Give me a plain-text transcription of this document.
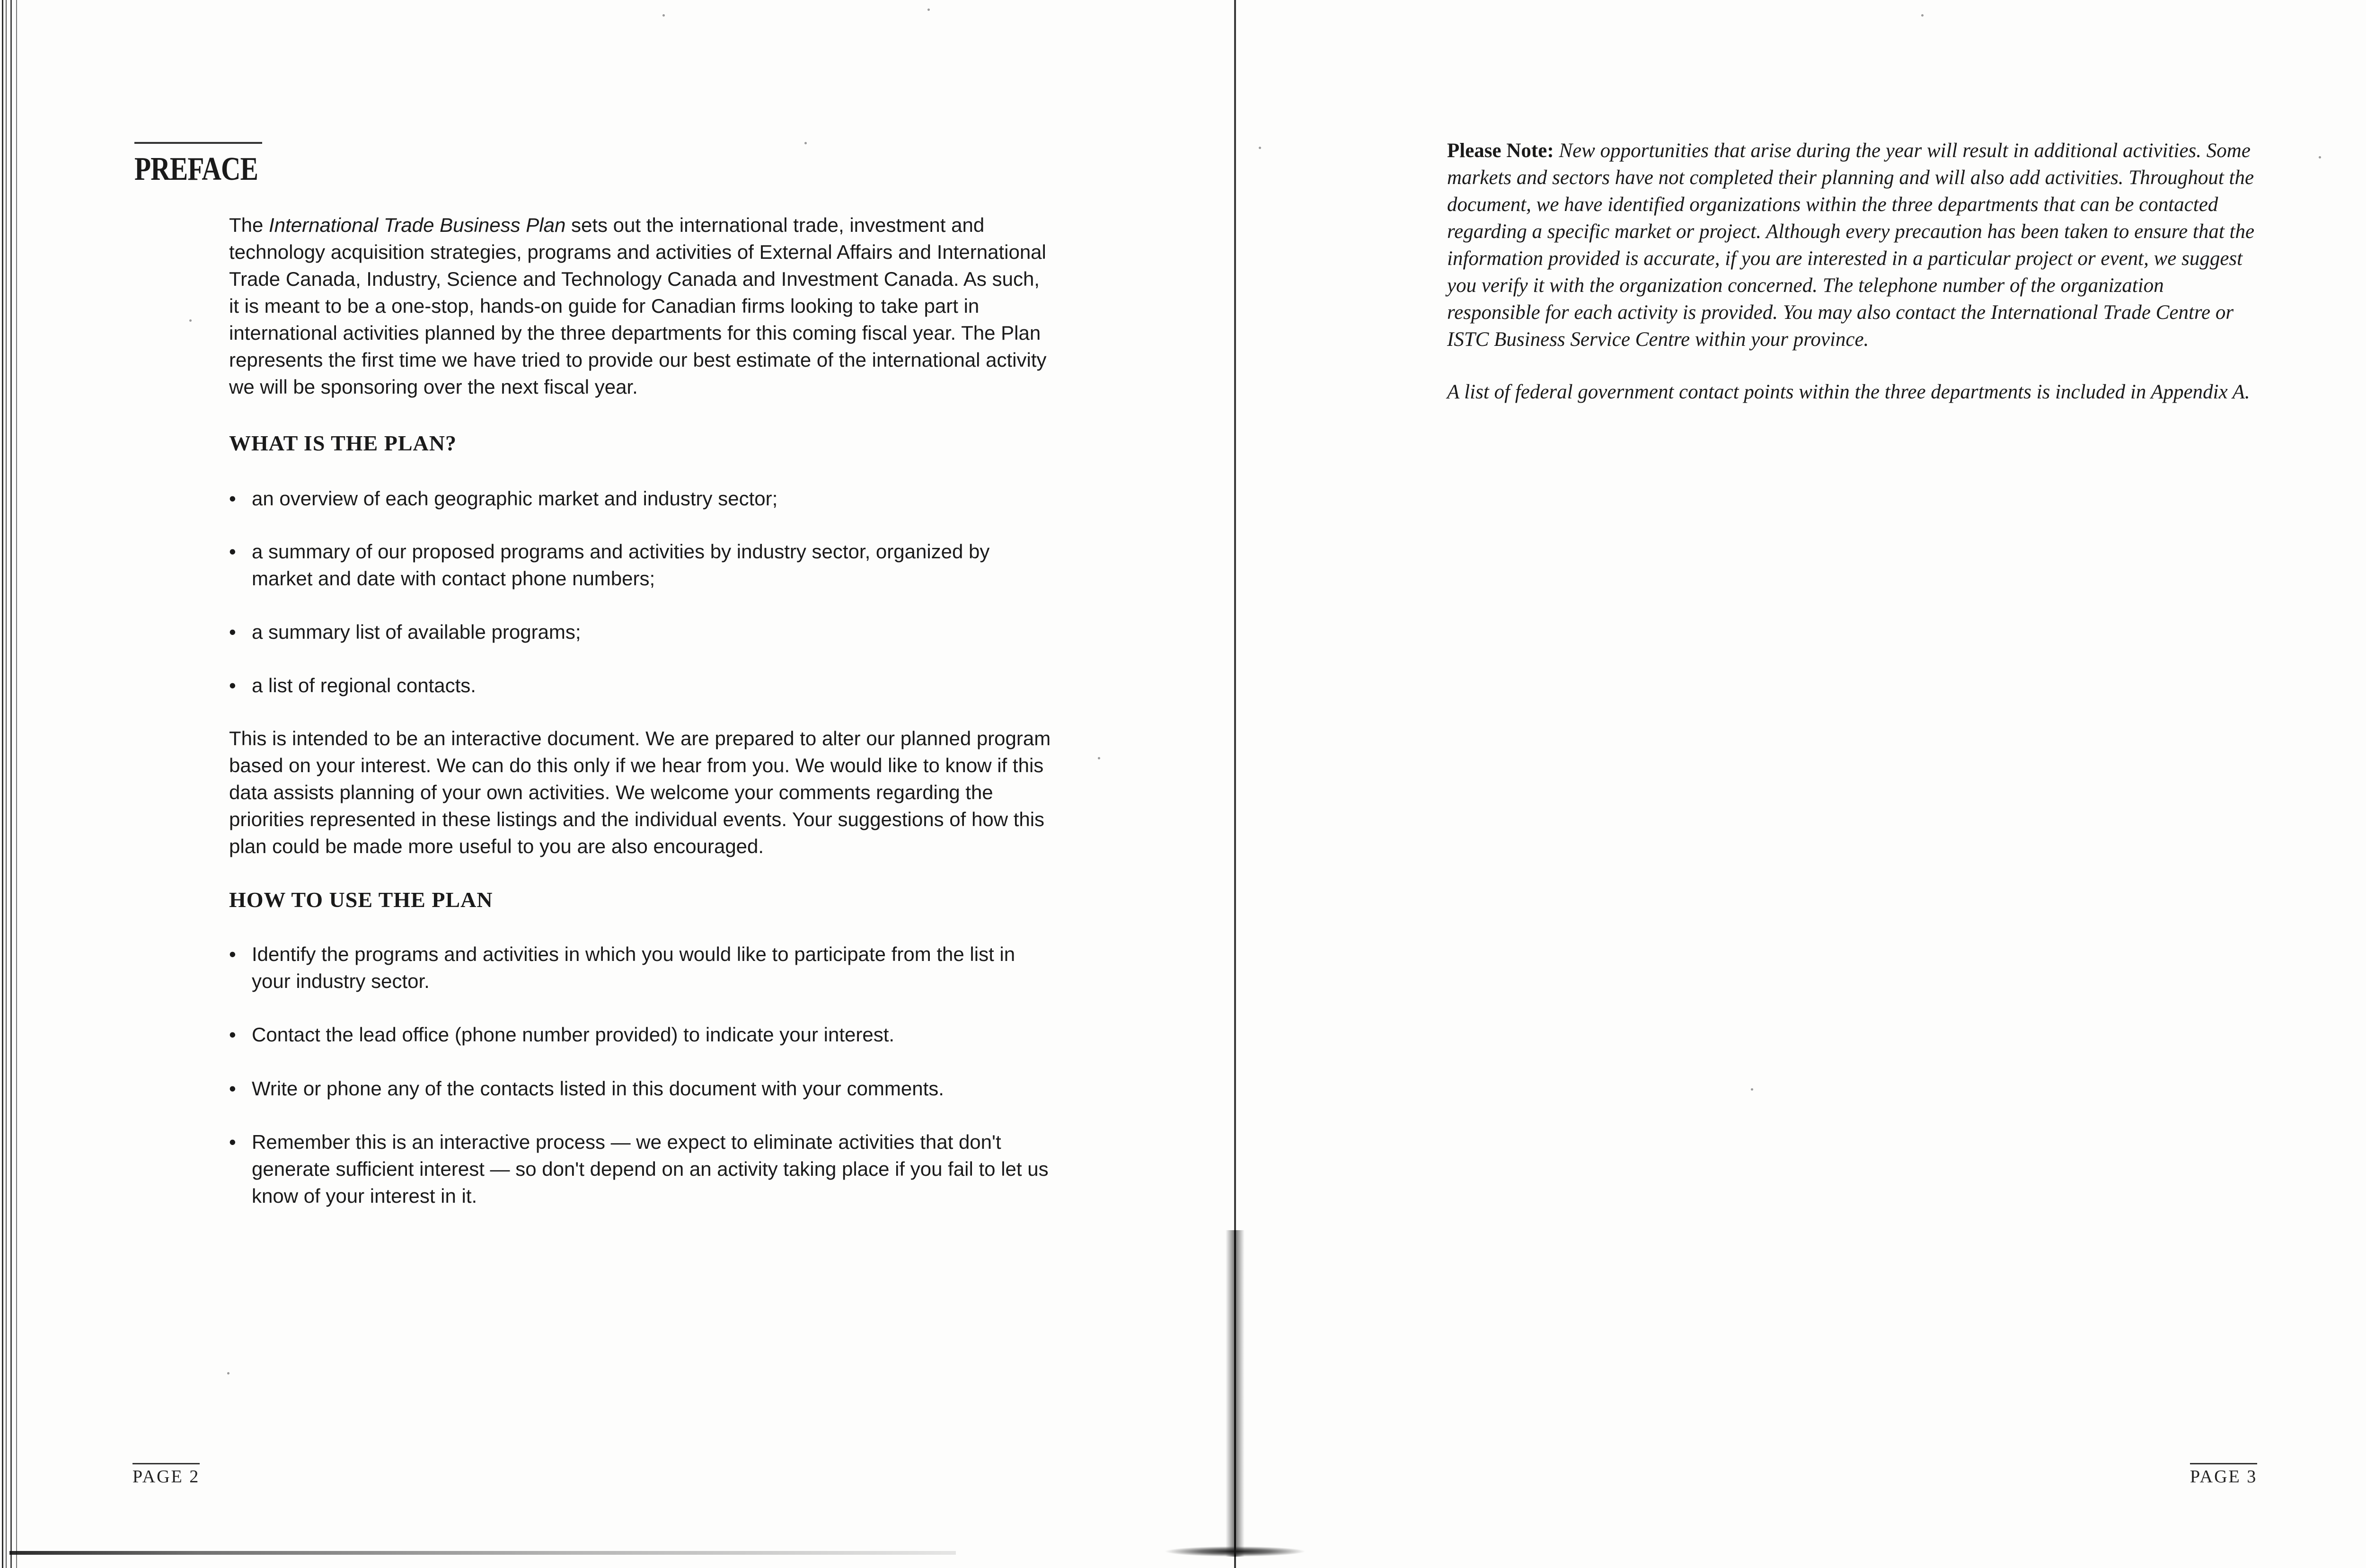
PREFACE

The International Trade Business Plan sets out the international trade, investment and technology acquisition strategies, programs and activities of External Affairs and International Trade Canada, Industry, Science and Technology Canada and Investment Canada. As such, it is meant to be a one-stop, hands-on guide for Canadian firms looking to take part in international activities planned by the three departments for this coming fiscal year. The Plan represents the first time we have tried to provide our best estimate of the international activity we will be sponsoring over the next fiscal year.

WHAT IS THE PLAN?
• an overview of each geographic market and industry sector;
• a summary of our proposed programs and activities by industry sector, organized by market and date with contact phone numbers;
• a summary list of available programs;
• a list of regional contacts.

This is intended to be an interactive document. We are prepared to alter our planned program based on your interest. We can do this only if we hear from you. We would like to know if this data assists planning of your own activities. We welcome your comments regarding the priorities represented in these listings and the individual events. Your suggestions of how this plan could be made more useful to you are also encouraged.

HOW TO USE THE PLAN
• Identify the programs and activities in which you would like to participate from the list in your industry sector.
• Contact the lead office (phone number provided) to indicate your interest.
• Write or phone any of the contacts listed in this document with your comments.
• Remember this is an interactive process — we expect to eliminate activities that don't generate sufficient interest — so don't depend on an activity taking place if you fail to let us know of your interest in it.
PAGE 2

Please Note: New opportunities that arise during the year will result in additional activities. Some markets and sectors have not completed their planning and will also add activities. Throughout the document, we have identified organizations within the three departments that can be contacted regarding a specific market or project. Although every precaution has been taken to ensure that the information provided is accurate, if you are interested in a particular project or event, we suggest you verify it with the organization concerned. The telephone number of the organization responsible for each activity is provided. You may also contact the International Trade Centre or ISTC Business Service Centre within your province.

A list of federal government contact points within the three departments is included in Appendix A.

PAGE 3
